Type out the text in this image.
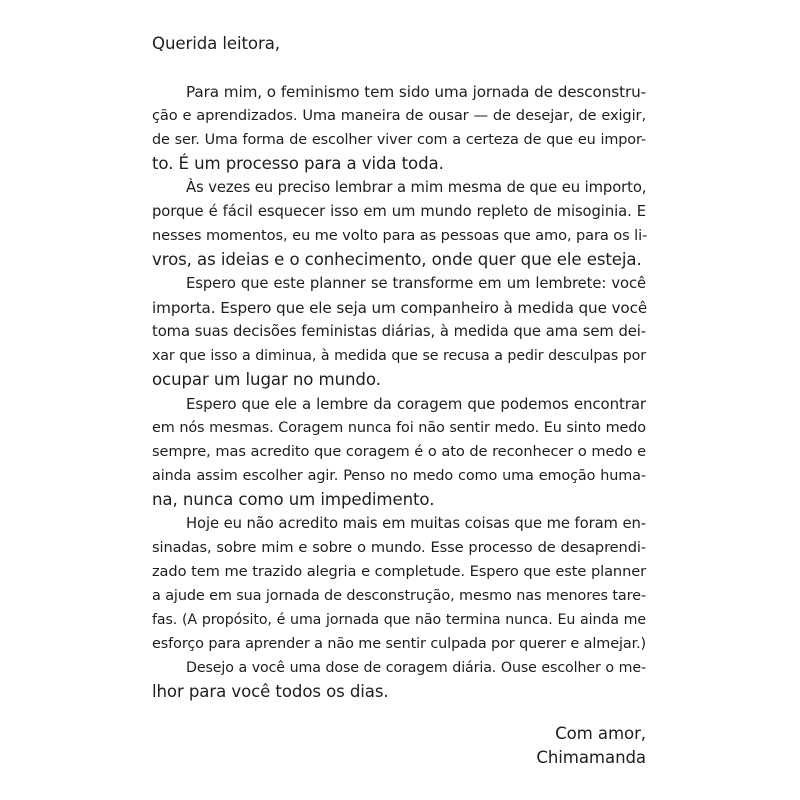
Querida leitora,
Para mim, o feminismo tem sido uma jornada de desconstru-
ção e aprendizados. Uma maneira de ousar — de desejar, de exigir,
de ser. Uma forma de escolher viver com a certeza de que eu impor-
to. É um processo para a vida toda.
Às vezes eu preciso lembrar a mim mesma de que eu importo,
porque é fácil esquecer isso em um mundo repleto de misoginia. E
nesses momentos, eu me volto para as pessoas que amo, para os li-
vros, as ideias e o conhecimento, onde quer que ele esteja.
Espero que este planner se transforme em um lembrete: você
importa. Espero que ele seja um companheiro à medida que você
toma suas decisões feministas diárias, à medida que ama sem dei-
xar que isso a diminua, à medida que se recusa a pedir desculpas por
ocupar um lugar no mundo.
Espero que ele a lembre da coragem que podemos encontrar
em nós mesmas. Coragem nunca foi não sentir medo. Eu sinto medo
sempre, mas acredito que coragem é o ato de reconhecer o medo e
ainda assim escolher agir. Penso no medo como uma emoção huma-
na, nunca como um impedimento.
Hoje eu não acredito mais em muitas coisas que me foram en-
sinadas, sobre mim e sobre o mundo. Esse processo de desaprendi-
zado tem me trazido alegria e completude. Espero que este planner
a ajude em sua jornada de desconstrução, mesmo nas menores tare-
fas. (A propósito, é uma jornada que não termina nunca. Eu ainda me
esforço para aprender a não me sentir culpada por querer e almejar.)
Desejo a você uma dose de coragem diária. Ouse escolher o me-
lhor para você todos os dias.
Com amor,
Chimamanda
